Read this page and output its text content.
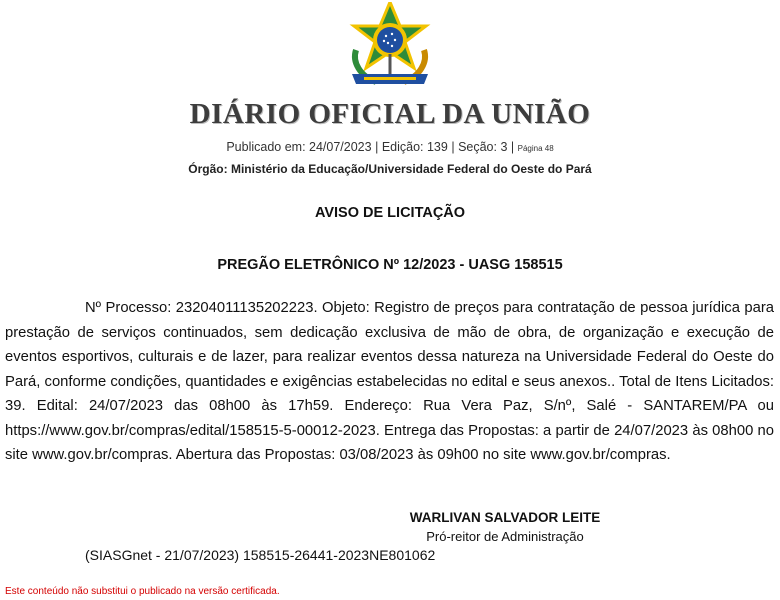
DIÁRIO OFICIAL DA UNIÃO
Publicado em: 24/07/2023 | Edição: 139 | Seção: 3 | Página 48
Órgão: Ministério da Educação/Universidade Federal do Oeste do Pará
AVISO DE LICITAÇÃO
PREGÃO ELETRÔNICO Nº 12/2023 - UASG 158515
Nº Processo: 23204011135202223. Objeto: Registro de preços para contratação de pessoa jurídica para prestação de serviços continuados, sem dedicação exclusiva de mão de obra, de organização e execução de eventos esportivos, culturais e de lazer, para realizar eventos dessa natureza na Universidade Federal do Oeste do Pará, conforme condições, quantidades e exigências estabelecidas no edital e seus anexos.. Total de Itens Licitados: 39. Edital: 24/07/2023 das 08h00 às 17h59. Endereço: Rua Vera Paz, S/nº, Salé - SANTAREM/PA ou https://www.gov.br/compras/edital/158515-5-00012-2023. Entrega das Propostas: a partir de 24/07/2023 às 08h00 no site www.gov.br/compras. Abertura das Propostas: 03/08/2023 às 09h00 no site www.gov.br/compras.
WARLIVAN SALVADOR LEITE
Pró-reitor de Administração
(SIASGnet - 21/07/2023) 158515-26441-2023NE801062
Este conteúdo não substitui o publicado na versão certificada.
